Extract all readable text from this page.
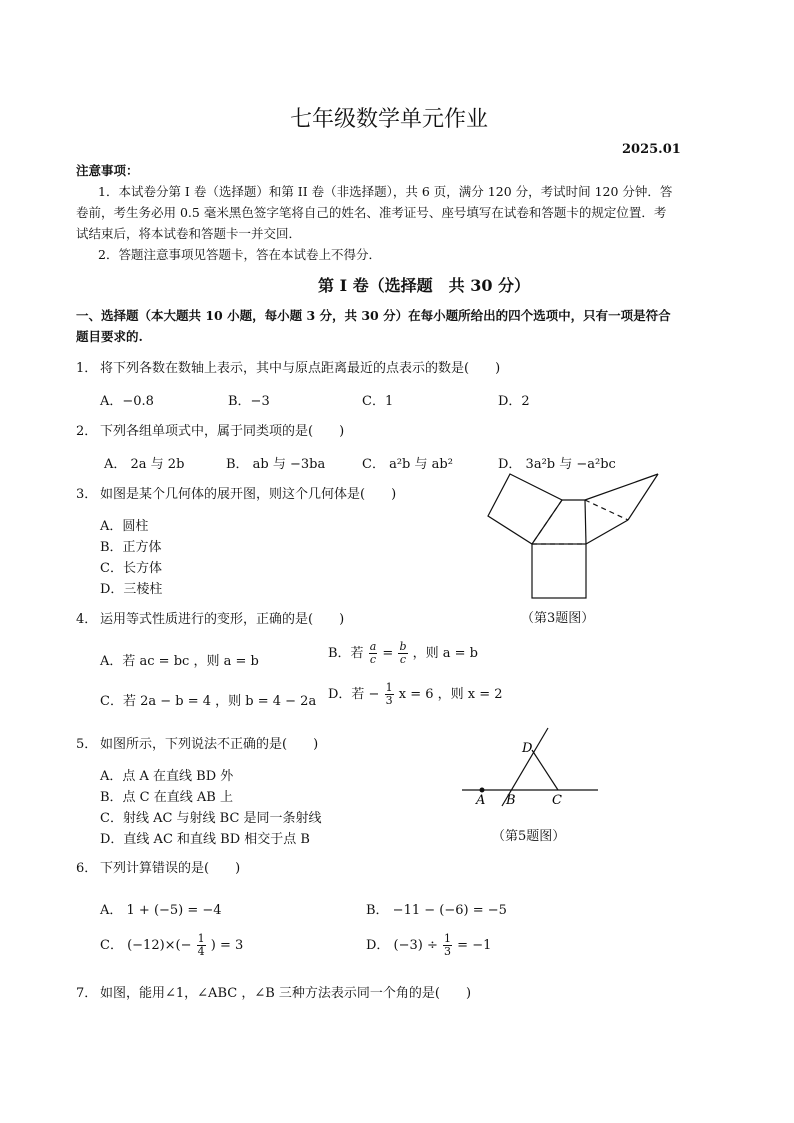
七年级数学单元作业
2025.01
注意事项：
1．本试卷分第 I 卷（选择题）和第 II 卷（非选择题），共 6 页，满分 120 分，考试时间 120 分钟．答
卷前，考生务必用 0.5 毫米黑色签字笔将自己的姓名、准考证号、座号填写在试卷和答题卡的规定位置．考
试结束后，将本试卷和答题卡一并交回．
2．答题注意事项见答题卡，答在本试卷上不得分．
第 I 卷（选择题　共 30 分）
一、选择题（本大题共 10 小题，每小题 3 分，共 30 分）在每小题所给出的四个选项中，只有一项是符合
题目要求的.
1． 将下列各数在数轴上表示，其中与原点距离最近的点表示的数是(　　)
A．−0.8	B．−3	C．1	D．2
2． 下列各组单项式中，属于同类项的是(　　)
A． 2a 与 2b	B． ab 与 −3ba	C． a²b 与 ab²	D． 3a²b 与 −a²bc
3． 如图是某个几何体的展开图，则这个几何体是(　　)
A．圆柱
B．正方体
C．长方体
D．三棱柱
（第3题图）
4． 运用等式性质进行的变形，正确的是(　　)
A．若 ac = bc ，则 a = b
B．若 $\frac{a}{c} = \frac{b}{c}$ ，则 a = b
C．若 2a − b = 4 ，则 b = 4 − 2a D．若 − $\frac{1}{3}$ x = 6 ，则 x = 2
5． 如图所示，下列说法不正确的是(　　)
A．点 A 在直线 BD 外
B．点 C 在直线 AB 上
C．射线 AC 与射线 BC 是同一条射线
D．直线 AC 和直线 BD 相交于点 B
D
A B	C
（第5题图）
6． 下列计算错误的是(　　)
A． 1 + (−5) = −4	B． −11 − (−6) = −5
C． $(-12)\times(- \frac{1}{4}$ ) = 3	D． $(-3) \div \frac{1}{3} = -1$
7． 如图，能用∠1，∠ABC ，∠B 三种方法表示同一个角的是(　　)
